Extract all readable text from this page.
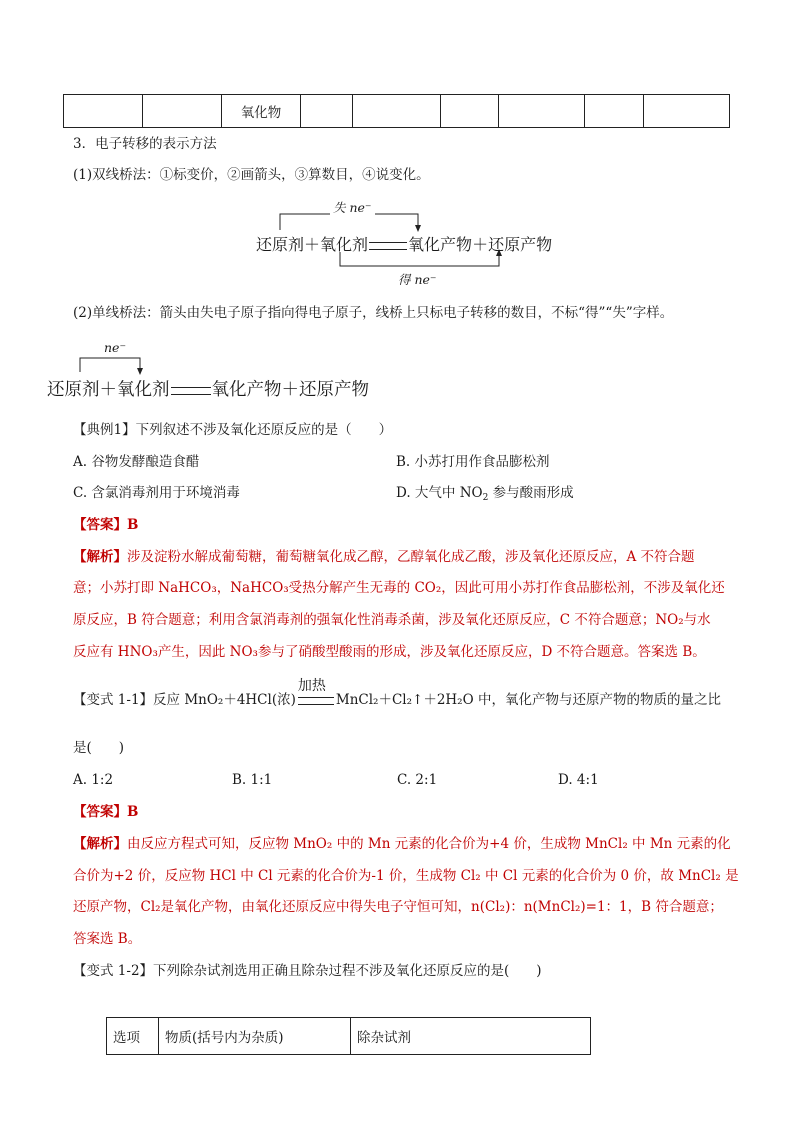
		氧化物						
3．电子转移的表示方法
(1)双线桥法：①标变价，②画箭头，③算数目，④说变化。
失 ne⁻
得 ne⁻
还原剂＋氧化剂	氧化产物＋还原产物
(2)单线桥法：箭头由失电子原子指向得电子原子，线桥上只标电子转移的数目，不标“得”“失”字样。
ne⁻
还原剂＋氧化剂 氧化产物＋还原产物
【典例1】下列叙述不涉及氧化还原反应的是（　　）
A. 谷物发酵酿造食醋	B. 小苏打用作食品膨松剂
C. 含氯消毒剂用于环境消毒	D. 大气中 $NO_2$ 参与酸雨形成
【答案】B
【解析】涉及淀粉水解成葡萄糖，葡萄糖氧化成乙醇，乙醇氧化成乙酸，涉及氧化还原反应，A 不符合题
意；小苏打即 NaHCO₃，NaHCO₃受热分解产生无毒的 CO₂，因此可用小苏打作食品膨松剂，不涉及氧化还
原反应，B 符合题意；利用含氯消毒剂的强氧化性消毒杀菌，涉及氧化还原反应，C 不符合题意；NO₂与水
反应有 HNO₃产生，因此 NO₃参与了硝酸型酸雨的形成，涉及氧化还原反应，D 不符合题意。答案选 B。
【变式 1-1】反应 MnO₂＋4HCl(浓)
加热
MnCl₂＋Cl₂↑＋2H₂O 中，氧化产物与还原产物的物质的量之比
是(　　)
A. 1:2	B. 1:1	C. 2:1	D. 4:1
【答案】B
【解析】由反应方程式可知，反应物 MnO₂ 中的 Mn 元素的化合价为+4 价，生成物 MnCl₂ 中 Mn 元素的化
合价为+2 价，反应物 HCl 中 Cl 元素的化合价为-1 价，生成物 Cl₂ 中 Cl 元素的化合价为 0 价，故 MnCl₂ 是
还原产物，Cl₂是氧化产物，由氧化还原反应中得失电子守恒可知，n(Cl₂)：n(MnCl₂)=1：1，B 符合题意；
答案选 B。
【变式 1-2】下列除杂试剂选用正确且除杂过程不涉及氧化还原反应的是(　　)
选项	物质(括号内为杂质)	除杂试剂
